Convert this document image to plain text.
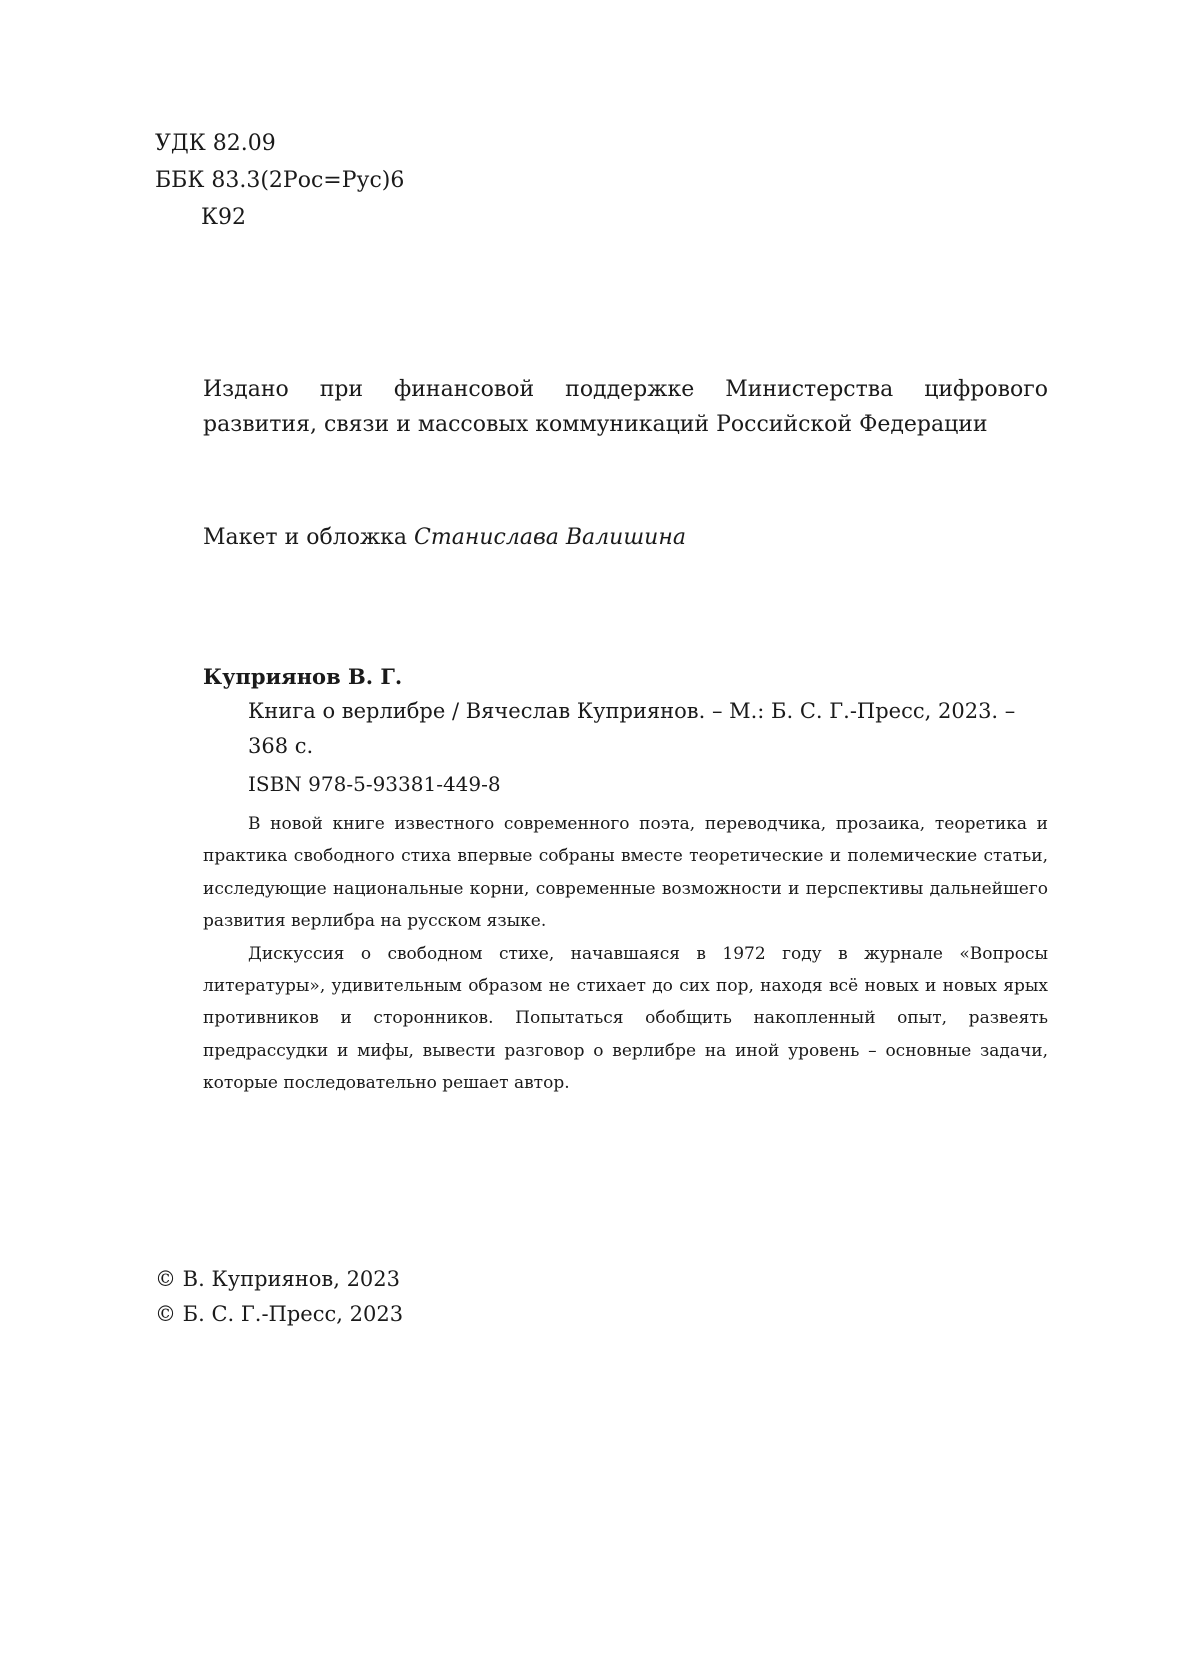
УДК 82.09
ББК 83.3(2Рос=Рус)6
К92
Издано при финансовой поддержке Министерства цифрового развития, связи и массовых коммуникаций Российской Федерации
Макет и обложка Станислава Валишина
Куприянов В. Г.
Книга о верлибре / Вячеслав Куприянов. – М.: Б. С. Г.-Пресс, 2023. – 368 с.
ISBN 978-5-93381-449-8

В новой книге известного современного поэта, переводчика, прозаика, теоретика и практика свободного стиха впервые собраны вместе теоретические и полемические статьи, исследующие национальные корни, современные возможности и перспективы дальнейшего развития верлибра на русском языке.

Дискуссия о свободном стихе, начавшаяся в 1972 году в журнале «Вопросы литературы», удивительным образом не стихает до сих пор, находя всё новых и новых ярых противников и сторонников. Попытаться обобщить накопленный опыт, развеять предрассудки и мифы, вывести разговор о верлибре на иной уровень – основные задачи, которые последовательно решает автор.

© В. Куприянов, 2023
© Б. С. Г.-Пресс, 2023
